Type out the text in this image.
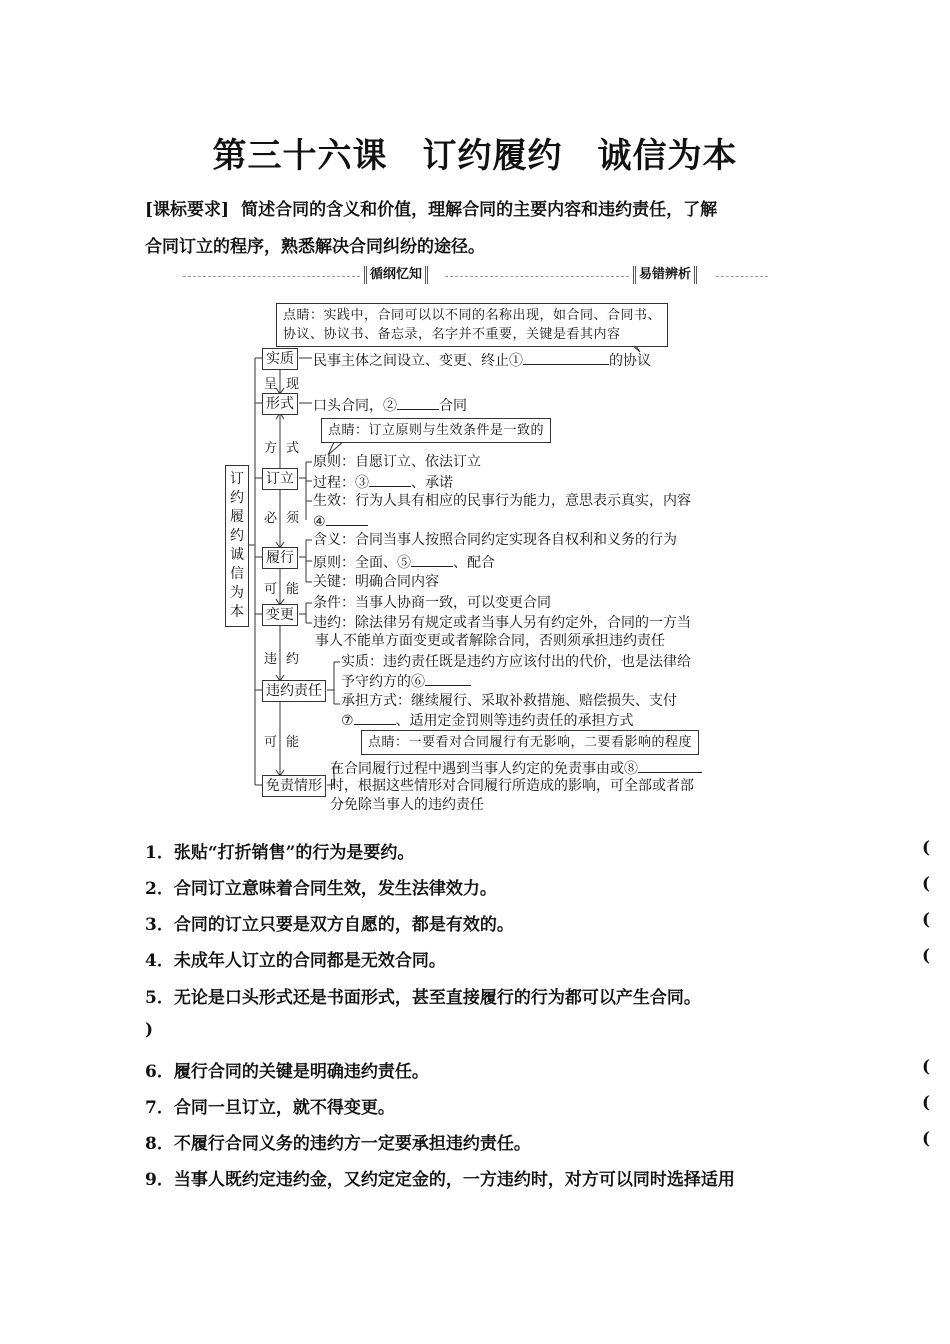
第三十六课　订约履约　诚信为本
[课标要求] 简述合同的含义和价值，理解合同的主要内容和违约责任，了解
合同订立的程序，熟悉解决合同纠纷的途径。
循纲忆知	易错辨析
点睛：实践中，合同可以以不同的名称出现，如合同、合同书、
协议、协议书、备忘录，名字并不重要，关键是看其内容
订约履约　诚信为本
实质 民事主体之间设立、变更、终止①	的协议
呈 现
形式 口头合同，②	合同
点睛：订立原则与生效条件是一致的
方 式
订立
原则：自愿订立、依法订立
过程：③	、承诺
生效：行为人具有相应的民事行为能力，意思表示真实，内容
④
必 须
履行
含义：合同当事人按照合同约定实现各自权利和义务的行为
原则：全面、⑤	、配合
关键：明确合同内容
可 能
变更
条件：当事人协商一致，可以变更合同
违约：除法律另有规定或者当事人另有约定外，合同的一方当
事人不能单方面变更或者解除合同，否则须承担违约责任
违 约
违约责任
实质：违约责任既是违约方应该付出的代价，也是法律给
予守约方的⑥
承担方式：继续履行、采取补救措施、赔偿损失、支付
⑦	、适用定金罚则等违约责任的承担方式
可 能	点睛：一要看对合同履行有无影响，二要看影响的程度
免责情形
在合同履行过程中遇到当事人约定的免责事由或⑧
时，根据这些情形对合同履行所造成的影响，可全部或者部
分免除当事人的违约责任
1．张贴“打折销售”的行为是要约。	(
2．合同订立意味着合同生效，发生法律效力。	(
3．合同的订立只要是双方自愿的，都是有效的。	(
4．未成年人订立的合同都是无效合同。	(
5．无论是口头形式还是书面形式，甚至直接履行的行为都可以产生合同。
)
6．履行合同的关键是明确违约责任。	(
7．合同一旦订立，就不得变更。	(
8．不履行合同义务的违约方一定要承担违约责任。	(
9．当事人既约定违约金，又约定定金的，一方违约时，对方可以同时选择适用
